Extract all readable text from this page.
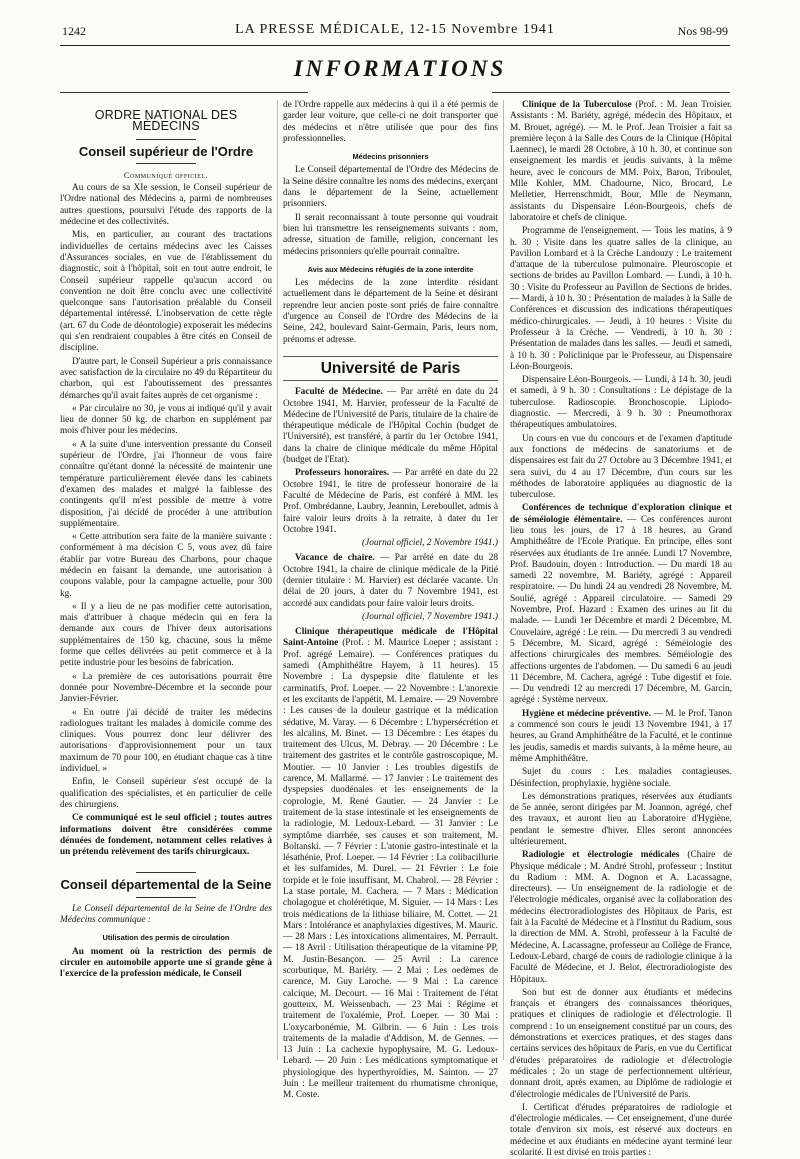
1242	LA PRESSE MÉDICALE, 12-15 Novembre 1941	Nos 98-99
INFORMATIONS
ORDRE NATIONAL DES MÉDECINS
Conseil supérieur de l'Ordre

Communiqué officiel.

Au cours de sa XIe session, le Conseil supérieur de l'Ordre national des Médecins a, parmi de nombreuses autres questions, poursuivi l'étude des rapports de la médecine et des collectivités.

Mis, en particulier, au courant des tractations individuelles de certains médecins avec les Caisses d'Assurances sociales, en vue de l'établissement du diagnostic, soit à l'hôpital, soit en tout autre endroit, le Conseil supérieur rappelle qu'aucun accord ou convention ne doit être conclu avec une collectivité quelconque sans l'autorisation préalable du Conseil départemental intéressé. L'inobservation de cette règle (art. 67 du Code de déontologie) exposerait les médecins qui s'en rendraient coupables à être cités en Conseil de discipline.

D'autre part, le Conseil Supérieur a pris connaissance avec satisfaction de la circulaire no 49 du Répartiteur du charbon, qui est l'aboutissement des pressantes démarches qu'il avait faites auprès de cet organisme :

« Par circulaire no 30, je vous ai indiqué qu'il y avait lieu de donner 50 kg. de charbon en supplément par mois d'hiver pour les médecins.

« A la suite d'une intervention pressante du Conseil supérieur de l'Ordre, j'ai l'honneur de vous faire connaître qu'étant donné la nécessité de maintenir une température particulièrement élevée dans les cabinets d'examen des malades et malgré la faiblesse des contingents qu'il m'est possible de mettre à votre disposition, j'ai décidé de procéder à une attribution supplémentaire.

« Cette attribution sera faite de la manière suivante : conformément à ma décision C 5, vous avez dû faire établir par votre Bureau des Charbons, pour chaque médecin en faisant la demande, une autorisation à coupons valable, pour la campagne actuelle, pour 300 kg.

« Il y a lieu de ne pas modifier cette autorisation, mais d'attribuer à chaque médecin qui en fera la demande aux cours de l'hiver deux autorisations supplémentaires de 150 kg. chacune, sous la même forme que celles délivrées au petit commerce et à la petite industrie pour les besoins de fabrication.

« La première de ces autorisations pourrait être donnée pour Novembre-Décembre et la seconde pour Janvier-Février.

« En outre j'ai décidé de traiter les médecins radiologues traitant les malades à domicile comme des cliniques. Vous pourrez donc leur délivrer des autorisations d'approvisionnement pour un taux maximum de 70 pour 100, en étudiant chaque cas à titre individuel. »

Enfin, le Conseil supérieur s'est occupé de la qualification des spécialistes, et en particulier de celle des chirurgiens.

Ce communiqué est le seul officiel ; toutes autres informations doivent être considérées comme dénuées de fondement, notamment celles relatives à un prétendu relèvement des tarifs chirurgicaux.

Conseil départemental de la Seine

Le Conseil départemental de la Seine de l'Ordre des Médecins communique :

Utilisation des permis de circulation

Au moment où la restriction des permis de circuler en automobile apporte une si grande gêne à l'exercice de la profession médicale, le Conseil

de l'Ordre rappelle aux médecins à qui il a été permis de garder leur voiture, que celle-ci ne doit transporter que des médecins et n'être utilisée que pour des fins professionnelles.

Médecins prisonniers

Le Conseil départemental de l'Ordre des Médecins de la Seine désire connaître les noms des médecins, exerçant dans le département de la Seine, actuellement prisonniers.

Il serait reconnaissant à toute personne qui voudrait bien lui transmettre les renseignements suivants : nom, adresse, situation de famille, religion, concernant les médecins prisonniers qu'elle pourrait connaître.

Avis aux Médecins réfugiés de la zone interdite

Les médecins de la zone interdite résidant actuellement dans le département de la Seine et désirant reprendre leur ancien poste sont priés de faire connaître d'urgence au Conseil de l'Ordre des Médecins de la Seine, 242, boulevard Saint-Germain, Paris, leurs nom, prénoms et adresse.

Université de Paris

Faculté de Médecine. — Par arrêté en date du 24 Octobre 1941, M. Harvier, professeur de la Faculté de Médecine de l'Université de Paris, titulaire de la chaire de thérapeutique médicale de l'Hôpital Cochin (budget de l'Université), est transféré, à partir du 1er Octobre 1941, dans la chaire de clinique médicale du même Hôpital (budget de l'Etat).

Professeurs honoraires. — Par arrêté en date du 22 Octobre 1941, le titre de professeur honoraire de la Faculté de Médecine de Paris, est conféré à MM. les Prof. Ombrédanne, Laubry, Jeannin, Lereboullet, admis à faire valoir leurs droits à la retraite, à dater du 1er Octobre 1941.

(Journal officiel, 2 Novembre 1941.)

Vacance de chaire. — Par arrêté en date du 28 Octobre 1941, la chaire de clinique médicale de la Pitié (dernier titulaire : M. Harvier) est déclarée vacante. Un délai de 20 jours, à dater du 7 Novembre 1941, est accordé aux candidats pour faire valoir leurs droits.

(Journal officiel, 7 Novembre 1941.)

Clinique thérapeutique médicale de l'Hôpital Saint-Antoine (Prof. : M. Maurice Loeper ; assistant : Prof. agrégé Lemaire). — Conférences pratiques du samedi (Amphithéâtre Hayem, à 11 heures). 15 Novembre : La dyspepsie dite flatulente et les carminatifs, Prof. Loeper. — 22 Novembre : L'anorexie et les excitants de l'appétit, M. Lemaire. — 29 Novembre : Les causes de la douleur gastrique et la médication sédative, M. Varay. — 6 Décembre : L'hypersécrétion et les alcalins, M. Binet. — 13 Décembre : Les étapes du traitement des Ulcus, M. Debray. — 20 Décembre : Le traitement des gastrites et le contrôle gastroscopique, M. Moutier. — 10 Janvier : Les troubles digestifs de carence, M. Mallarmé. — 17 Janvier : Le traitement des dyspepsies duodénales et les enseignements de la coprologie, M. René Gautier. — 24 Janvier : Le traitement de la stase intestinale et les enseignements de la radiologie, M. Ledoux-Lebard. — 31 Janvier : Le symptôme diarrhée, ses causes et son traitement, M. Boltanski. — 7 Février : L'atonie gastro-intestinale et la lésathénie, Prof. Loeper. — 14 Février : La colibacillurie et les sulfamides, M. Durel. — 21 Février : Le foie torpide et le foie insuffisant, M. Chabrol. — 28 Février : La stase portale, M. Cachera. — 7 Mars : Médication cholagogue et cholérétique, M. Siguier. — 14 Mars : Les trois médications de la lithiase biliaire, M. Cottet. — 21 Mars : Intolérance et anaphylaxies digestives, M. Mauric. — 28 Mars : Les intoxications alimentaires, M. Perrault. — 18 Avril : Utilisation thérapeutique de la vitamine PP, M. Justin-Besançon. — 25 Avril : La carence scorbutique, M. Bariéty. — 2 Mai : Les oedèmes de carence, M. Guy Laroche. — 9 Mai : La carence calcique, M. Decourt. — 16 Mai : Traitement de l'état goutteux, M. Weissenbach. — 23 Mai : Régime et traitement de l'oxalémie, Prof. Loeper. — 30 Mai : L'oxycarbonémie, M. Gilbrin. — 6 Juin : Les trois traitements de la maladie d'Addison, M. de Gennes. — 13 Juin : La cachexie hypophysaire, M. G. Ledoux-Lebard. — 20 Juin : Les médications symptomatique et physiologique des hyperthyroïdies, M. Sainton. — 27 Juin : Le meilleur traitement du rhumatisme chronique, M. Coste.

Clinique de la Tuberculose (Prof. : M. Jean Troisier. Assistants : M. Bariéty, agrégé, médecin des Hôpitaux, et M. Brouet, agrégé). — M. le Prof. Jean Troisier a fait sa première leçon à la Salle des Cours de la Clinique (Hôpital Laennec), le mardi 28 Octobre, à 10 h. 30, et continue son enseignement les mardis et jeudis suivants, à la même heure, avec le concours de MM. Poix, Baron, Triboulet, Mlle Kohler, MM. Chadourne, Nico, Brocard, Le Melletier, Herrenschmidt, Bour, Mlle de Neymann, assistants du Dispensaire Léon-Bourgeois, chefs de laboratoire et chefs de clinique.

Programme de l'enseignement. — Tous les matins, à 9 h. 30 : Visite dans les quatre salles de la clinique, au Pavillon Lombard et à la Crèche Landouzy : Le traitement d'attaque de la tuberculose pulmonaire. Pleuroscopie et sections de brides au Pavillon Lombard. — Lundi, à 10 h. 30 : Visite du Professeur au Pavillon de Sections de brides. — Mardi, à 10 h. 30 : Présentation de malades à la Salle de Conférences et discussion des indications thérapeutiques médico-chirurgicales. — Jeudi, à 10 heures : Visite du Professeur à la Crèche. — Vendredi, à 10 h. 30 : Présentation de malades dans les salles. — Jeudi et samedi, à 10 h. 30 : Policlinique par le Professeur, au Dispensaire Léon-Bourgeois.

Dispensaire Léon-Bourgeois. — Lundi, à 14 h. 30, jeudi et samedi, à 9 h. 30 : Consultations : Le dépistage de la tuberculose. Radioscopie. Bronchoscopie. Lipiodo-diagnostic. — Mercredi, à 9 h. 30 : Pneumothorax thérapeutiques ambulatoires.

Un cours en vue du concours et de l'examen d'aptitude aux fonctions de médecins de sanatoriums et de dispensaires est fait du 27 Octobre au 3 Décembre 1941, et sera suivi, du 4 au 17 Décembre, d'un cours sur les méthodes de laboratoire appliquées au diagnostic de la tuberculose.

Conférences de technique d'exploration clinique et de séméiologie élémentaire. — Ces conférences auront lieu tous les jours, de 17 à 18 heures, au Grand Amphithéâtre de l'Ecole Pratique. En principe, elles sont réservées aux étudiants de 1re année. Lundi 17 Novembre, Prof. Baudouin, doyen : Introduction. — Du mardi 18 au samedi 22 novembre, M. Bariéty, agrégé : Appareil respiratoire. — Du lundi 24 au vendredi 28 Novembre, M. Soulié, agrégé : Appareil circulatoire. — Samedi 29 Novembre, Prof. Hazard : Examen des urines au lit du malade. — Lundi 1er Décembre et mardi 2 Décembre, M. Couvelaire, agrégé : Le rein. — Du mercredi 3 au vendredi 5 Décembre, M. Sicard, agrégé : Séméiologie des affections chirurgicales des membres. Séméiologie des affections urgentes de l'abdomen. — Du samedi 6 au jeudi 11 Décembre, M. Cachera, agrégé : Tube digestif et foie. — Du vendredi 12 au mercredi 17 Décembre, M. Garcin, agrégé : Système nerveux.

Hygiène et médecine préventive. — M. le Prof. Tanon a commencé son cours le jeudi 13 Novembre 1941, à 17 heures, au Grand Amphithéâtre de la Faculté, et le continue les jeudis, samedis et mardis suivants, à la même heure, au même Amphithéâtre.

Sujet du cours : Les maladies contagieuses. Désinfection, prophylaxie, hygiène sociale.

Les démonstrations pratiques, réservées aux étudiants de 5e année, seront dirigées par M. Joannon, agrégé, chef des travaux, et auront lieu au Laboratoire d'Hygiène, pendant le semestre d'hiver. Elles seront annoncées ultérieurement.

Radiologie et électrologie médicales (Chaire de Physique médicale : M. André Strohl, professeur ; Institut du Radium : MM. A. Dognon et A. Lacassagne, directeurs). — Un enseignement de la radiologie et de l'électrologie médicales, organisé avec la collaboration des médecins électroradiologistes des Hôpitaux de Paris, est fait à la Faculté de Médecine et à l'Institut du Radium, sous la direction de MM. A. Strohl, professeur à la Faculté de Médecine, A. Lacassagne, professeur au Collège de France, Ledoux-Lebard, chargé de cours de radiologie clinique à la Faculté de Médecine, et J. Belot, électroradiologiste des Hôpitaux.

Son but est de donner aux étudiants et médecins français et étrangers des connaissances théoriques, pratiques et cliniques de radiologie et d'électrologie. Il comprend : 1o un enseignement constitué par un cours, des démonstrations et exercices pratiques, et des stages dans certains services des hôpitaux de Paris, en vue du Certificat d'études préparatoires de radiologie et d'électrologie médicales ; 2o un stage de perfectionnement ultérieur, donnant droit, après examen, au Diplôme de radiologie et d'électrologie médicales de l'Université de Paris.

I. Certificat d'études préparatoires de radiologie et d'électrologie médicales. — Cet enseignement, d'une durée totale d'environ six mois, est réservé aux docteurs en médecine et aux étudiants en médecine ayant terminé leur scolarité. Il est divisé en trois parties :
